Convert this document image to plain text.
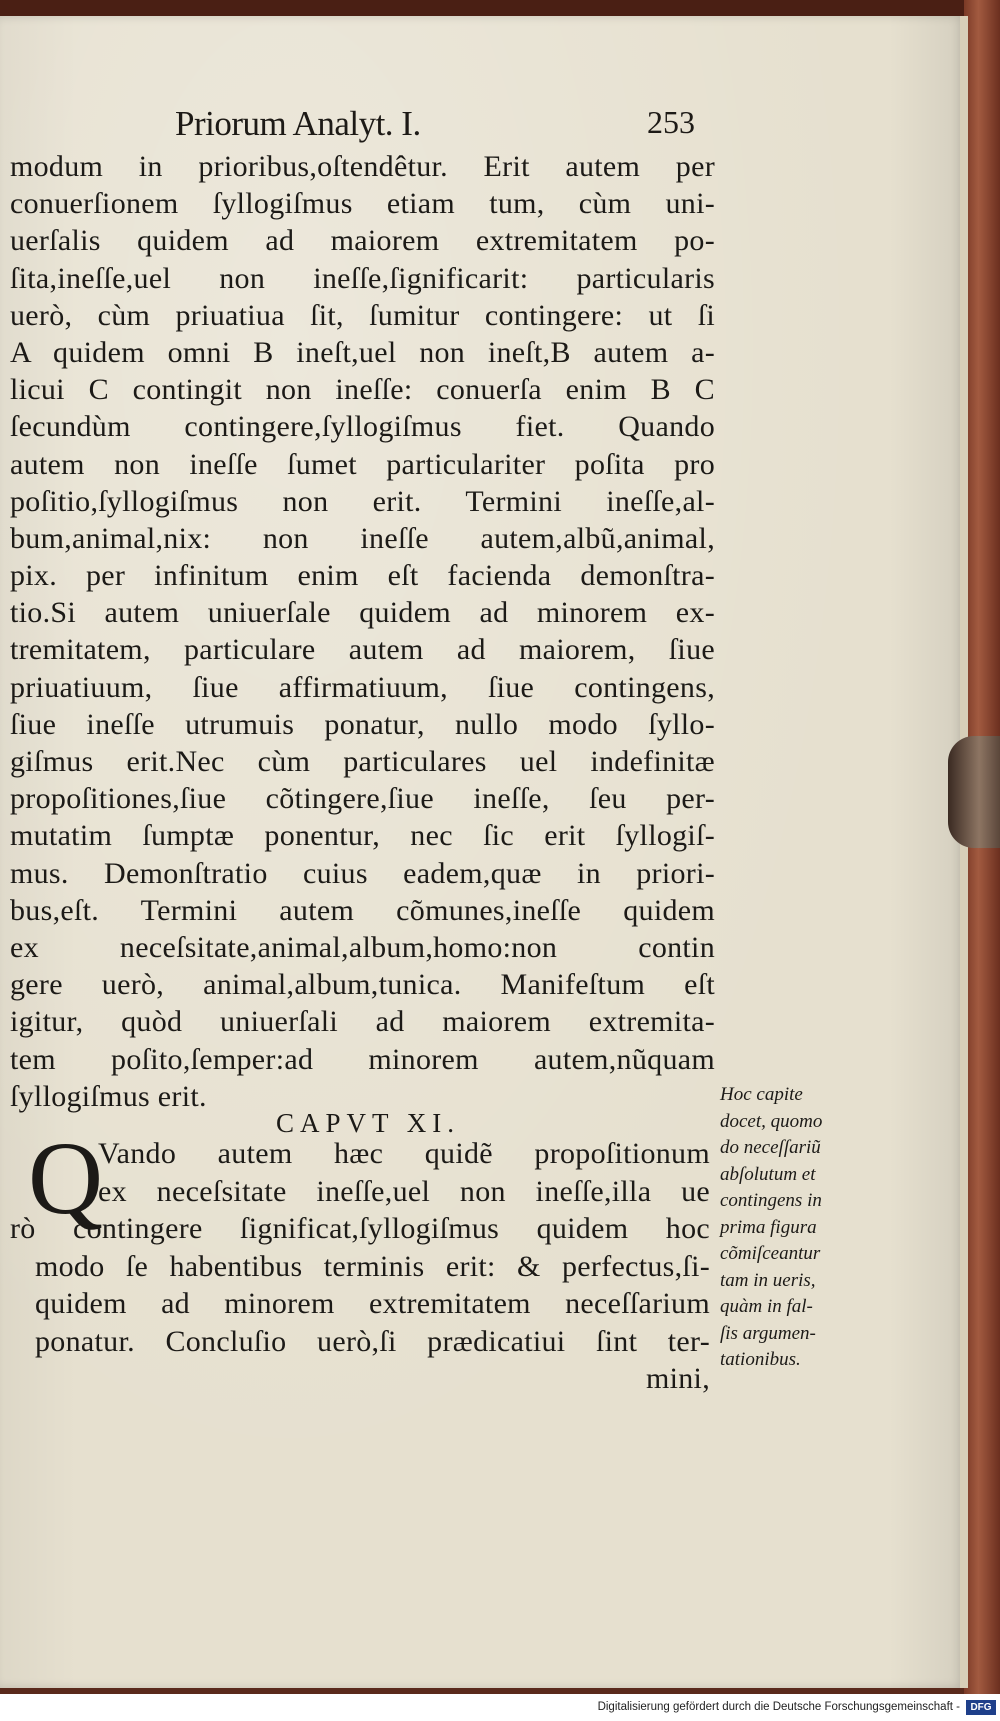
Priorum Analyt. I.	253
modum in prioribus,oſtendêtur. Erit autem per
conuerſionem ſyllogiſmus etiam tum, cùm uni-
uerſalis quidem ad maiorem extremitatem po-
ſita,ineſſe,uel non ineſſe,ſignificarit: particularis
uerò, cùm priuatiua ſit, ſumitur contingere: ut ſi
A quidem omni B ineſt,uel non ineſt,B autem a-
licui C contingit non ineſſe: conuerſa enim B C
ſecundùm contingere,ſyllogiſmus fiet. Quando
autem non ineſſe ſumet particulariter poſita pro
poſitio,ſyllogiſmus non erit. Termini ineſſe,al-
bum,animal,nix: non ineſſe autem,albũ,animal,
pix. per infinitum enim eſt facienda demonſtra-
tio.Si autem uniuerſale quidem ad minorem ex-
tremitatem, particulare autem ad maiorem, ſiue
priuatiuum, ſiue affirmatiuum, ſiue contingens,
ſiue ineſſe utrumuis ponatur, nullo modo ſyllo-
giſmus erit.Nec cùm particulares uel indefinitæ
propoſitiones,ſiue cõtingere,ſiue ineſſe, ſeu per-
mutatim ſumptæ ponentur, nec ſic erit ſyllogiſ-
mus. Demonſtratio cuius eadem,quæ in priori-
bus,eſt. Termini autem cõmunes,ineſſe quidem
ex neceſsitate,animal,album,homo:non contin
gere uerò, animal,album,tunica. Manifeſtum eſt
igitur, quòd uniuerſali ad maiorem extremita-
tem poſito,ſemper:ad minorem autem,nũquam
ſyllogiſmus erit.
CAPVT XI.
Q
Vando autem hæc quidẽ propoſitionum
ex neceſsitate ineſſe,uel non ineſſe,illa ue
rò contingere ſignificat,ſyllogiſmus quidem hoc
modo ſe habentibus terminis erit: & perfectus,ſi-
quidem ad minorem extremitatem neceſſarium
ponatur. Concluſio uerò,ſi prædicatiui ſint ter-
mini,
Hoc capite
docet, quomo
do neceſſariũ
abſolutum et
contingens in
prima figura
cõmiſceantur
tam in ueris,
quàm in fal-
ſis argumen-
tationibus.
Digitalisierung gefördert durch die Deutsche Forschungsgemeinschaft -	DFG
